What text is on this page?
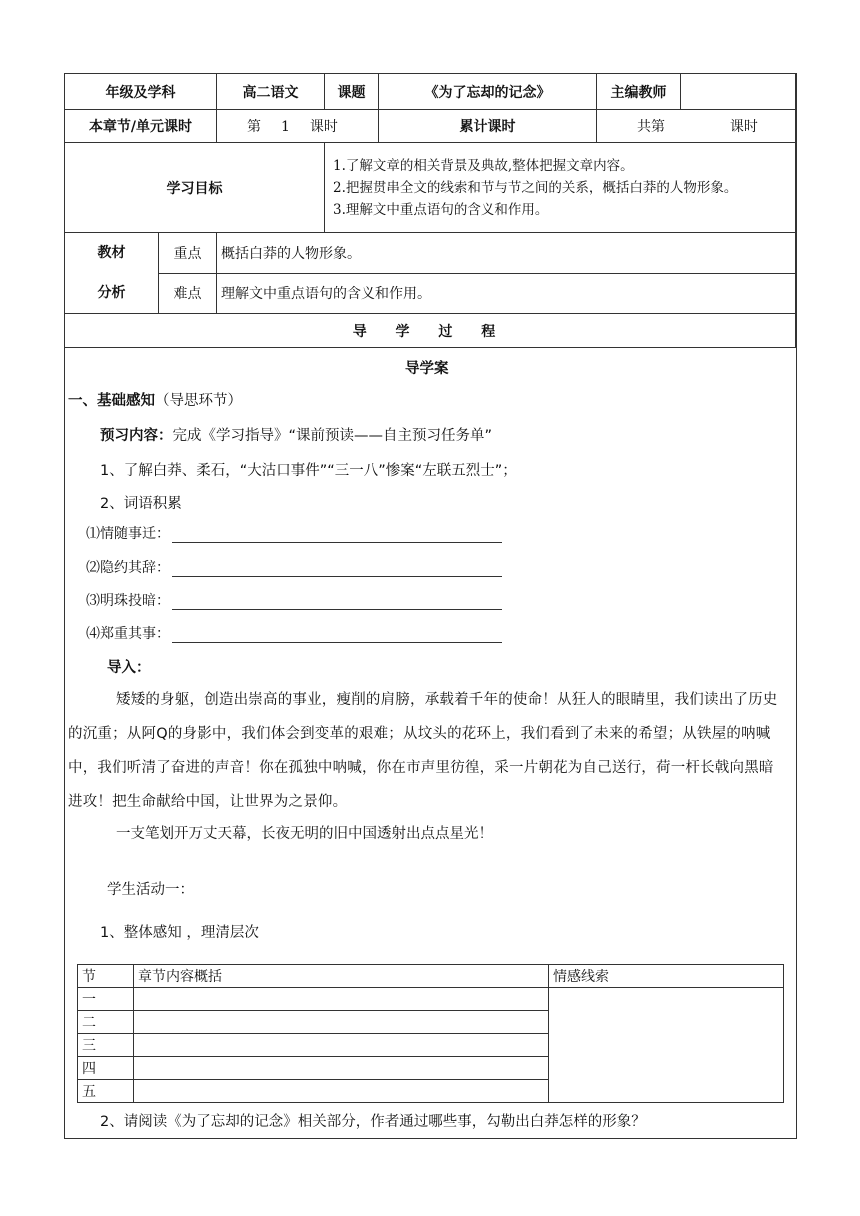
年级及学科		高二语文	课题	《为了忘却的记念》	主编教师	
本章节/单元课时		第 1 课时		累计课时	共第 课时	
学习目标			1.了解文章的相关背景及典故,整体把握文章内容。
2.把握贯串全文的线索和节与节之间的关系，概括白莽的人物形象。
3.理解文中重点语句的含义和作用。			

教材
分析	重点	概括白莽的人物形象。				
	难点	理解文中重点语句的含义和作用。				
导 学 过 程						
导学案
一、基础感知（导思环节）
预习内容：完成《学习指导》“课前预读——自主预习任务单”
1、了解白莽、柔石，“大沽口事件”“三一八”惨案“左联五烈士”；
2、词语积累
⑴情随事迁：
⑵隐约其辞：
⑶明珠投暗：
⑷郑重其事：
导入：
矮矮的身躯，创造出崇高的事业，瘦削的肩膀，承载着千年的使命！从狂人的眼睛里，我们读出了历史
的沉重；从阿Q的身影中，我们体会到变革的艰难；从坟头的花环上，我们看到了未来的希望；从铁屋的呐喊
中，我们听清了奋进的声音！你在孤独中呐喊，你在市声里彷徨，采一片朝花为自己送行，荷一杆长戟向黑暗
进攻！把生命献给中国，让世界为之景仰。
一支笔划开万丈天幕，长夜无明的旧中国透射出点点星光！
学生活动一：
1、整体感知 ，理清层次
节	章节内容概括	情感线索
一		
二		
三		
四		
五		
2、请阅读《为了忘却的记念》相关部分，作者通过哪些事，勾勒出白莽怎样的形象？
